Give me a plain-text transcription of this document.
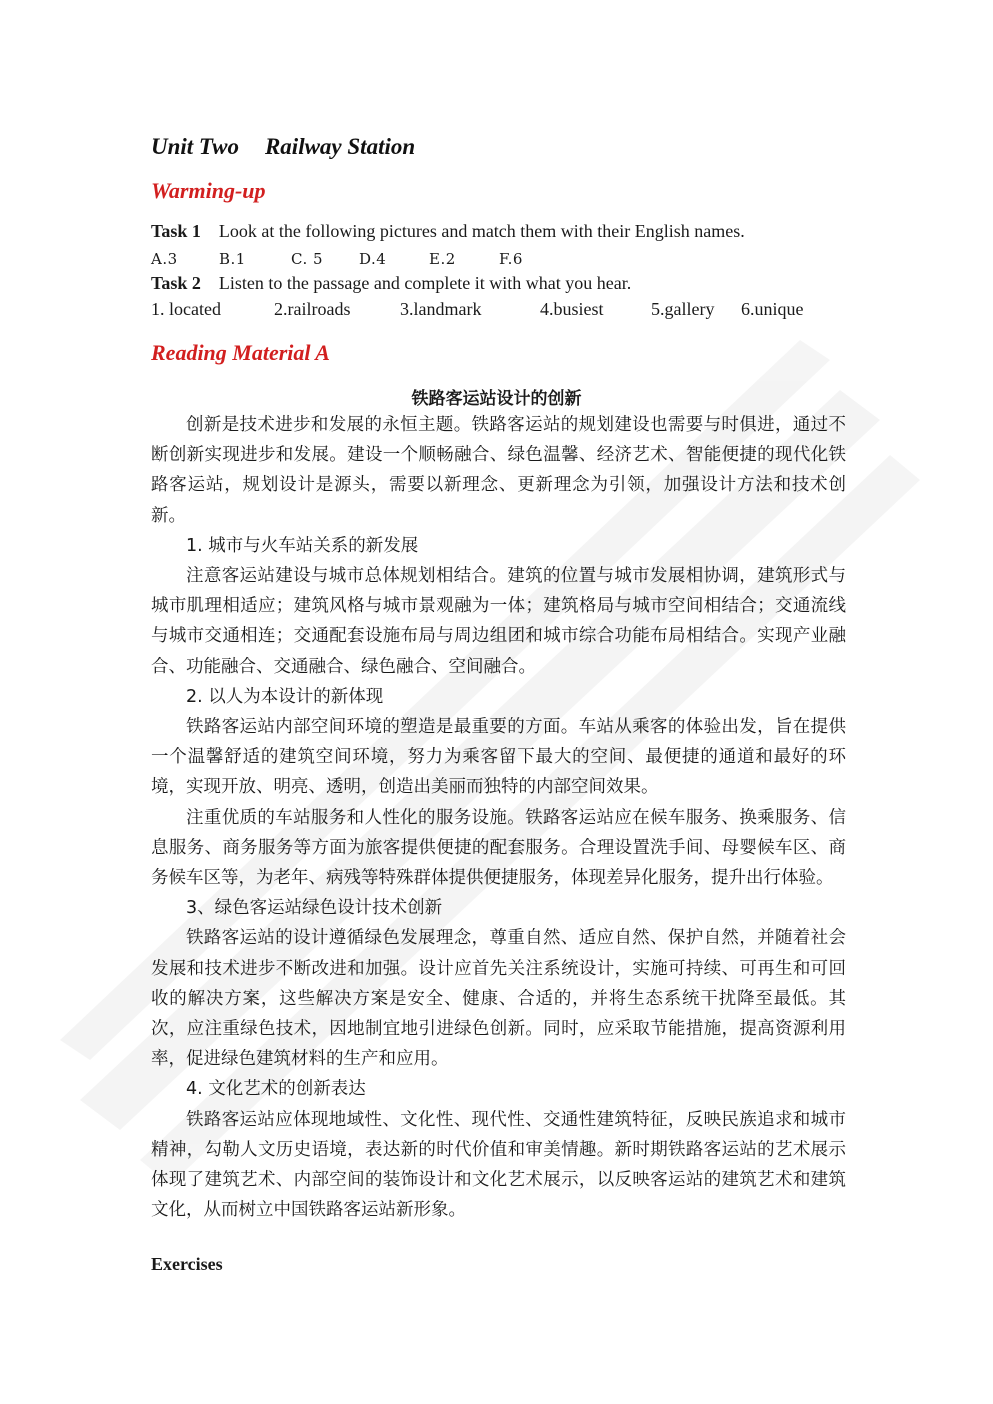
Unit Two Railway Station
Warming-up
Task 1 Look at the following pictures and match them with their English names.
A.3	B.1	C. 5 D.4	E.2	F.6
Task 2 Listen to the passage and complete it with what you hear.
1. located	2.railroads	3.landmark	4.busiest	5.gallery 6.unique
Reading Material A
铁路客运站设计的创新

创新是技术进步和发展的永恒主题。铁路客运站的规划建设也需要与时俱进，通过不断创新实现进步和发展。建设一个顺畅融合、绿色温馨、经济艺术、智能便捷的现代化铁路客运站，规划设计是源头，需要以新理念、更新理念为引领，加强设计方法和技术创新。

1. 城市与火车站关系的新发展

注意客运站建设与城市总体规划相结合。建筑的位置与城市发展相协调，建筑形式与城市肌理相适应；建筑风格与城市景观融为一体；建筑格局与城市空间相结合；交通流线与城市交通相连；交通配套设施布局与周边组团和城市综合功能布局相结合。实现产业融合、功能融合、交通融合、绿色融合、空间融合。

2. 以人为本设计的新体现

铁路客运站内部空间环境的塑造是最重要的方面。车站从乘客的体验出发，旨在提供一个温馨舒适的建筑空间环境，努力为乘客留下最大的空间、最便捷的通道和最好的环境，实现开放、明亮、透明，创造出美丽而独特的内部空间效果。

注重优质的车站服务和人性化的服务设施。铁路客运站应在候车服务、换乘服务、信息服务、商务服务等方面为旅客提供便捷的配套服务。合理设置洗手间、母婴候车区、商务候车区等，为老年、病残等特殊群体提供便捷服务，体现差异化服务，提升出行体验。

3、绿色客运站绿色设计技术创新

铁路客运站的设计遵循绿色发展理念，尊重自然、适应自然、保护自然，并随着社会发展和技术进步不断改进和加强。设计应首先关注系统设计，实施可持续、可再生和可回收的解决方案，这些解决方案是安全、健康、合适的，并将生态系统干扰降至最低。其次，应注重绿色技术，因地制宜地引进绿色创新。同时，应采取节能措施，提高资源利用率，促进绿色建筑材料的生产和应用。

4. 文化艺术的创新表达

铁路客运站应体现地域性、文化性、现代性、交通性建筑特征，反映民族追求和城市精神，勾勒人文历史语境，表达新的时代价值和审美情趣。新时期铁路客运站的艺术展示体现了建筑艺术、内部空间的装饰设计和文化艺术展示，以反映客运站的建筑艺术和建筑文化，从而树立中国铁路客运站新形象。

Exercises
